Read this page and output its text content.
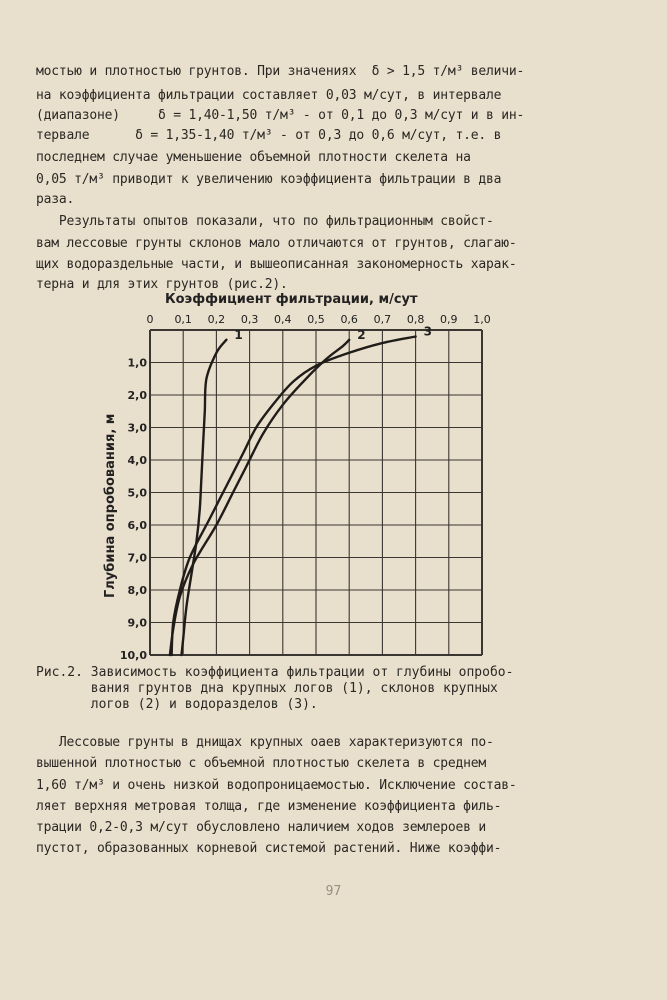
мостью и плотностью грунтов. При значениях  δ > 1,5 т/м³ величи-
на коэффициента фильтрации составляет 0,03 м/сут, в интервале
(диапазоне)     δ = 1,40-1,50 т/м³ - от 0,1 до 0,3 м/сут и в ин-
тервале      δ = 1,35-1,40 т/м³ - от 0,3 до 0,6 м/сут, т.е. в
последнем случае уменьшение объемной плотности скелета на
0,05 т/м³ приводит к увеличению коэффициента фильтрации в два
раза.
Результаты опытов показали, что по фильтрационным свойст-
вам лессовые грунты склонов мало отличаются от грунтов, слагаю-
щих водораздельные части, и вышеописанная закономерность харак-
терна и для этих грунтов (рис.2).
0 0,1 0,2 0,3 0,4 0,5 0,6 0,7 0,8 0,9 1,0
1,0
2,0
3,0
4,0
5,0
6,0
7,0
8,0
9,0
10,0
1	2	3
Коэффициент фильтрации, м/сут
Глубина опробования, м
Рис.2. Зависимость коэффициента фильтрации от глубины опробо-
вания грунтов дна крупных логов (1), склонов крупных
логов (2) и водоразделов (3).
Лессовые грунты в днищах крупных оаев характеризуются по-
вышенной плотностью с объемной плотностью скелета в среднем
1,60 т/м³ и очень низкой водопроницаемостью. Исключение состав-
ляет верхняя метровая толща, где изменение коэффициента филь-
трации 0,2-0,3 м/сут обусловлено наличием ходов землероев и
пустот, образованных корневой системой растений. Ниже коэффи-
97
